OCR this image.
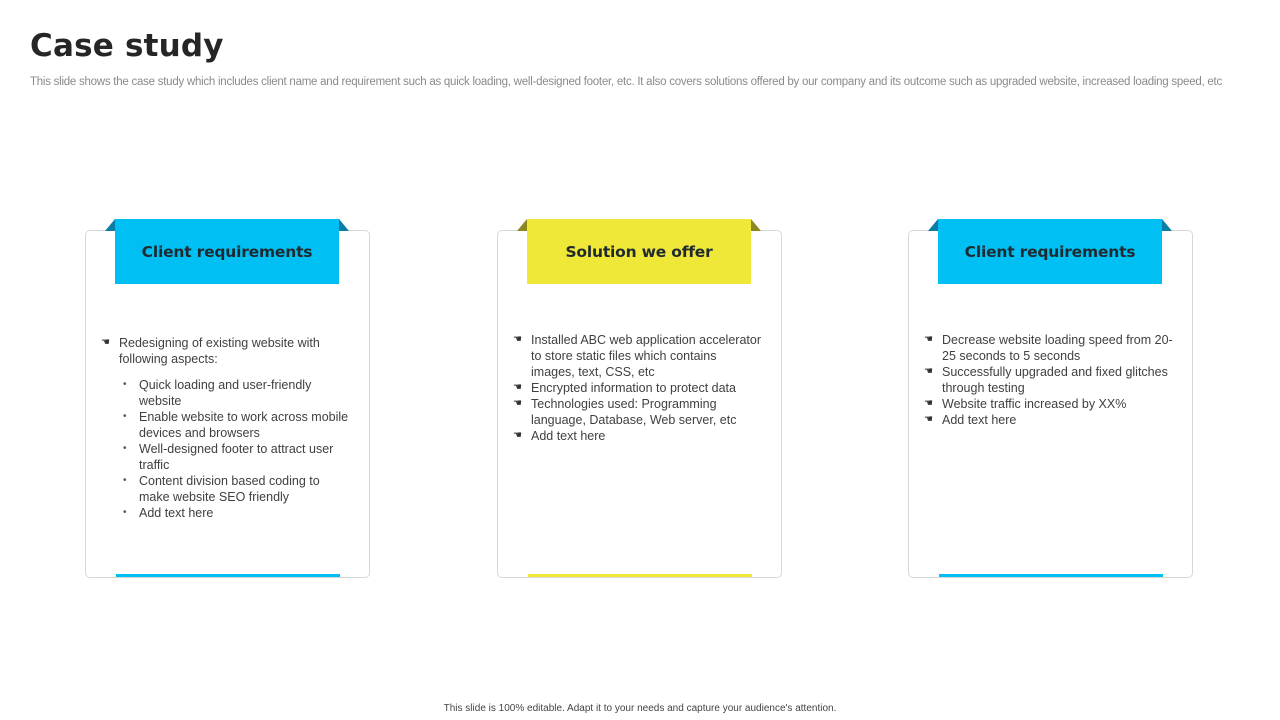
Case study
This slide shows the case study which includes client name and requirement such as quick loading, well-designed footer, etc. It also covers solutions offered by our company and its outcome such as upgraded website, increased loading speed, etc
Client requirements
☚ Redesigning of existing website with following aspects:
• Quick loading and user-friendly website
• Enable website to work across mobile devices and browsers
• Well-designed footer to attract user traffic
• Content division based coding to make website SEO friendly
• Add text here
Solution we offer
☚ Installed ABC web application accelerator to store static files which contains images, text, CSS, etc
☚ Encrypted information to protect data
☚ Technologies used: Programming language, Database, Web server, etc
☚ Add text here
Client requirements
☚ Decrease website loading speed from 20-25 seconds to 5 seconds
☚ Successfully upgraded and fixed glitches through testing
☚ Website traffic increased by XX%
☚ Add text here
This slide is 100% editable. Adapt it to your needs and capture your audience's attention.
